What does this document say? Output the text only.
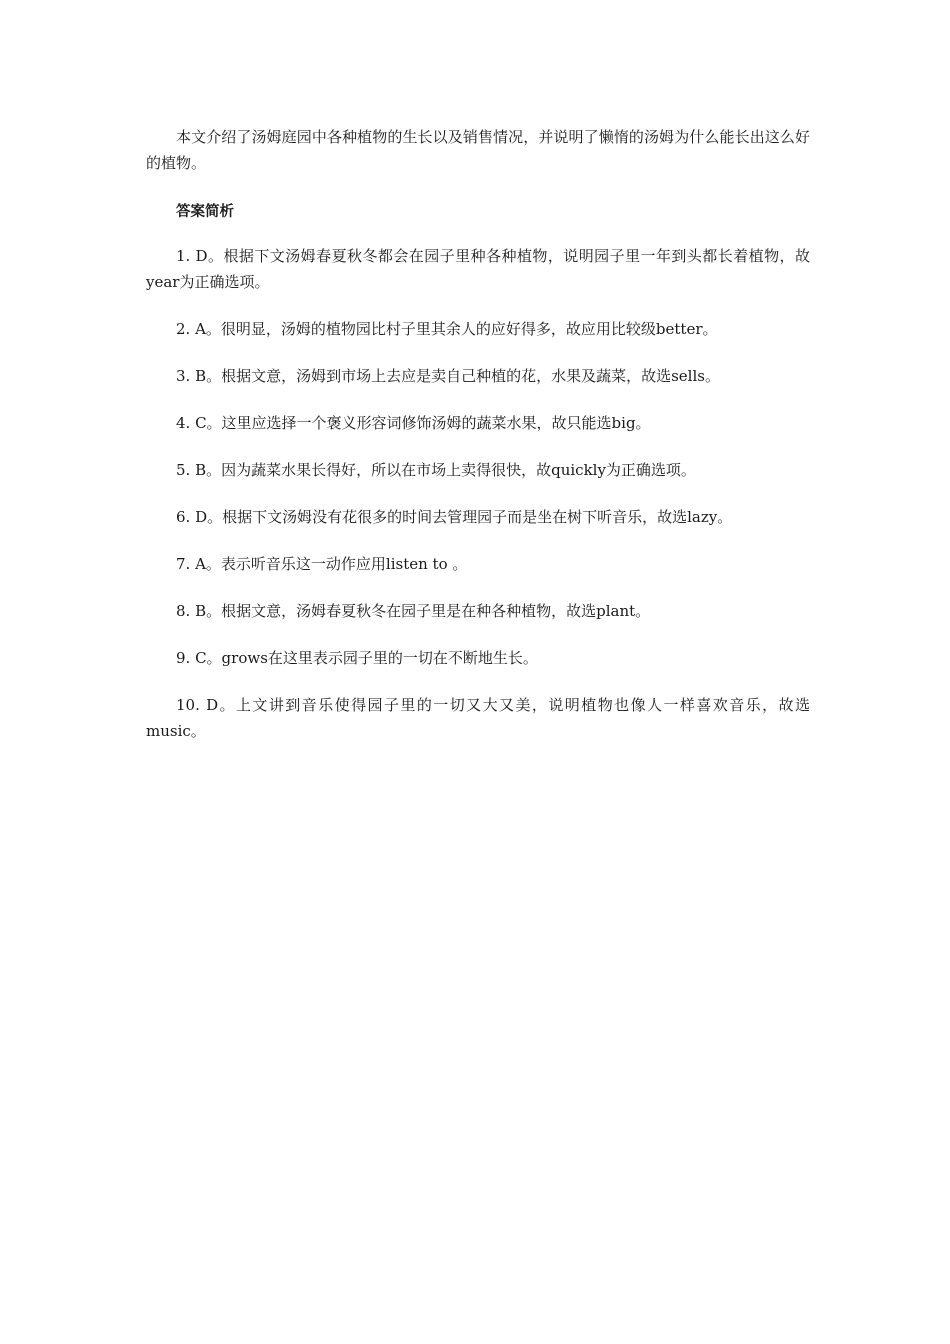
本文介绍了汤姆庭园中各种植物的生长以及销售情况，并说明了懒惰的汤姆为什么能长出这么好的植物。

答案简析

1. D。根据下文汤姆春夏秋冬都会在园子里种各种植物，说明园子里一年到头都长着植物，故year为正确选项。
2. A。很明显，汤姆的植物园比村子里其余人的应好得多，故应用比较级better。
3. B。根据文意，汤姆到市场上去应是卖自己种植的花，水果及蔬菜，故选sells。
4. C。这里应选择一个褒义形容词修饰汤姆的蔬菜水果，故只能选big。
5. B。因为蔬菜水果长得好，所以在市场上卖得很快，故quickly为正确选项。
6. D。根据下文汤姆没有花很多的时间去管理园子而是坐在树下听音乐，故选lazy。
7. A。表示听音乐这一动作应用listen to 。
8. B。根据文意，汤姆春夏秋冬在园子里是在种各种植物，故选plant。
9. C。grows在这里表示园子里的一切在不断地生长。
10. D。上文讲到音乐使得园子里的一切又大又美，说明植物也像人一样喜欢音乐，故选music。
